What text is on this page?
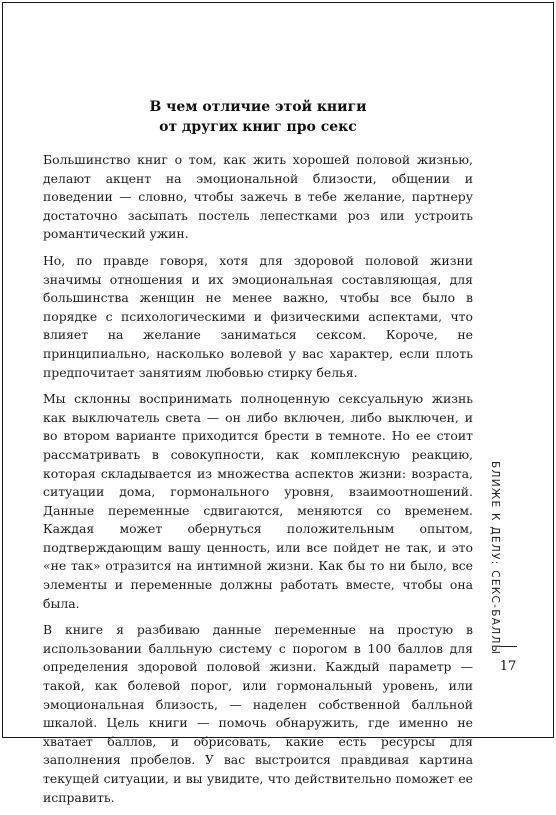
В чем отличие этой книги
от других книг про секс

Большинство книг о том, как жить хорошей половой жизнью, делают акцент на эмоциональной близости, общении и поведении — словно, чтобы зажечь в тебе желание, партнеру достаточно засыпать постель лепестками роз или устроить романтический ужин.

Но, по правде говоря, хотя для здоровой половой жизни значимы отношения и их эмоциональная составляющая, для большинства женщин не менее важно, чтобы все было в порядке с психологическими и физическими аспектами, что влияет на желание заниматься сексом. Короче, не принципиально, насколько волевой у вас характер, если плоть предпочитает занятиям любовью стирку белья.

Мы склонны воспринимать полноценную сексуальную жизнь как выключатель света — он либо включен, либо выключен, и во втором варианте приходится брести в темноте. Но ее стоит рассматривать в совокупности, как комплексную реакцию, которая складывается из множества аспектов жизни: возраста, ситуации дома, гормонального уровня, взаимоотношений. Данные переменные сдвигаются, меняются со временем. Каждая может обернуться положительным опытом, подтверждающим вашу ценность, или все пойдет не так, и это «не так» отразится на интимной жизни. Как бы то ни было, все элементы и переменные должны работать вместе, чтобы она была.

В книге я разбиваю данные переменные на простую в использовании балльную систему с порогом в 100 баллов для определения здоровой половой жизни. Каждый параметр — такой, как болевой порог, или гормональный уровень, или эмоциональная близость, — наделен собственной балльной шкалой. Цель книги — помочь обнаружить, где именно не хватает баллов, и обрисовать, какие есть ресурсы для заполнения пробелов. У вас выстроится правдивая картина текущей ситуации, и вы увидите, что действительно поможет ее исправить.

БЛИЖЕ К ДЕЛУ: СЕКС-БАЛЛЫ
17
